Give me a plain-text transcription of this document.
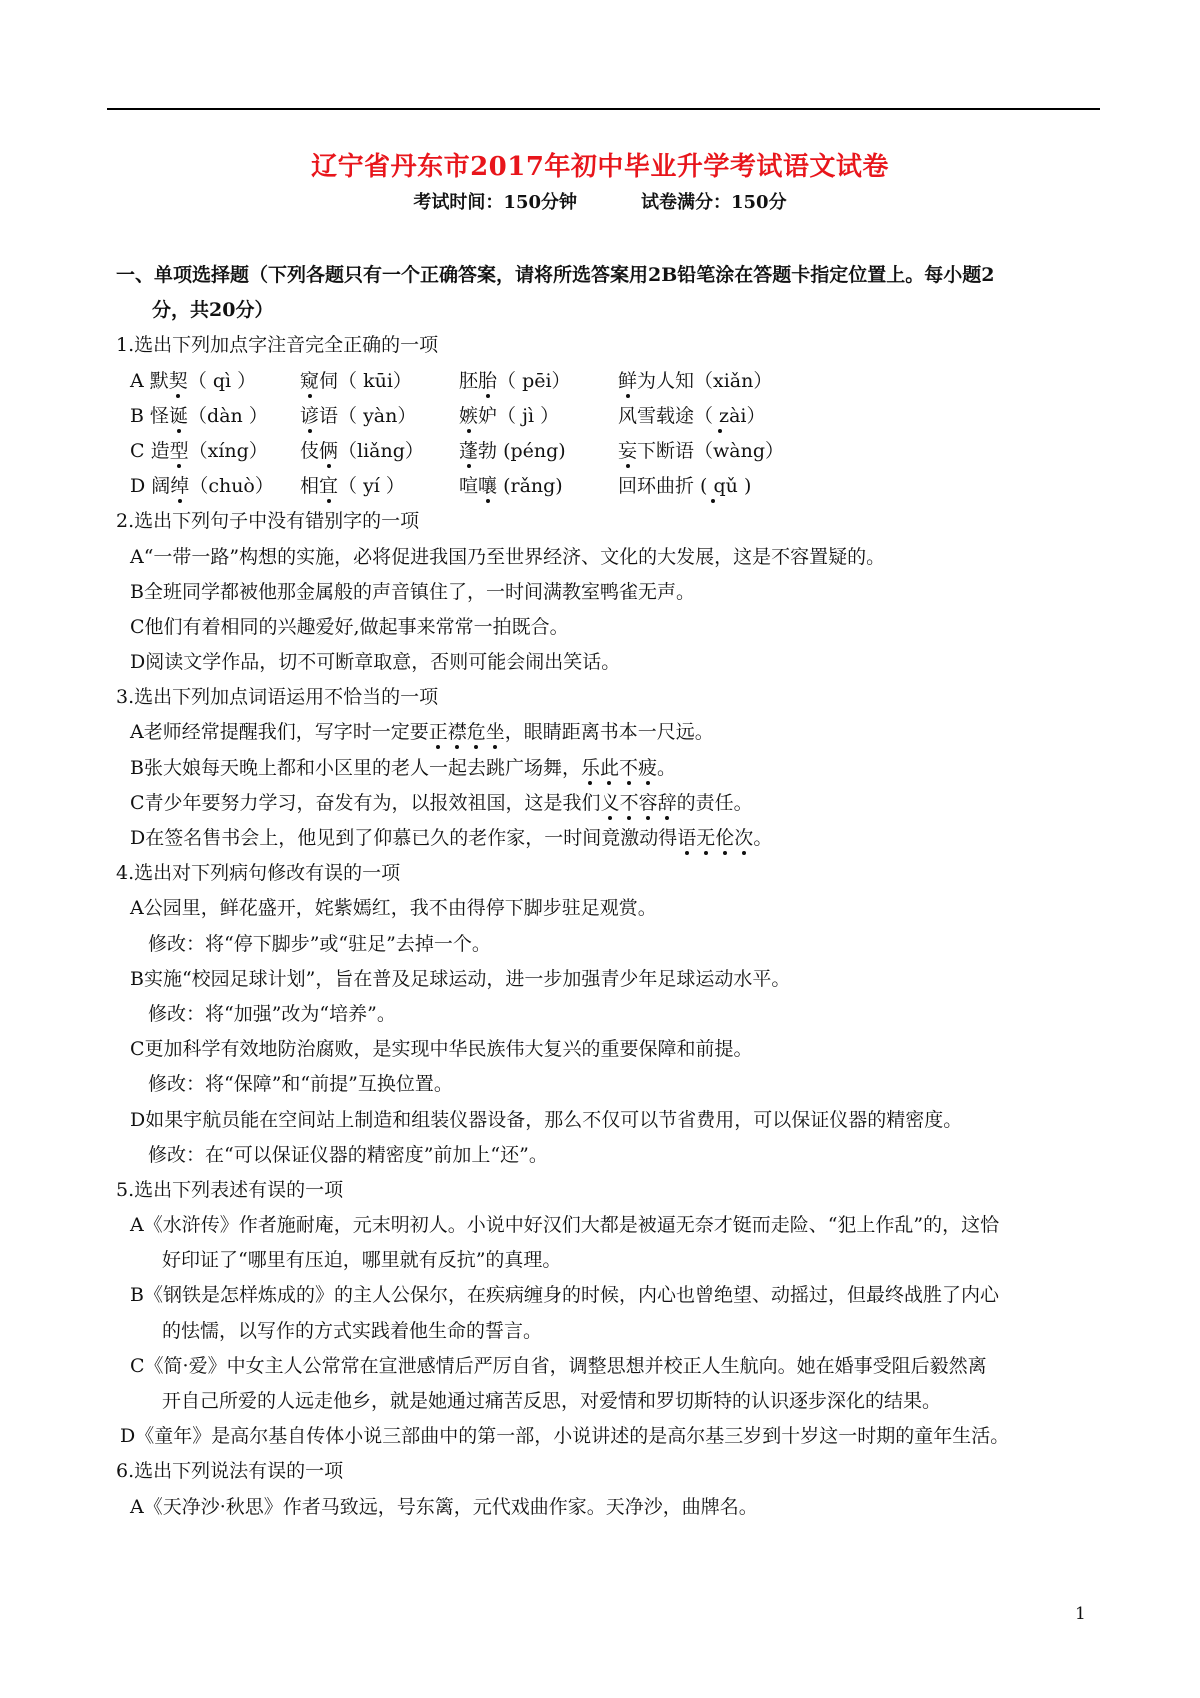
辽宁省丹东市2017年初中毕业升学考试语文试卷
考试时间：150分钟	试卷满分：150分
一、单项选择题（下列各题只有一个正确答案，请将所选答案用2B铅笔涂在答题卡指定位置上。每小题2
分，共20分）
1.选出下列加点字注音完全正确的一项
A 默契（ qì ）	窥伺（ kūi）	胚胎（ pēi）	鲜为人知（xiǎn）
B 怪诞（dàn ）	谚语（ yàn）	嫉妒（ jì ）	风雪载途（ zài）
C 造型（xíng）	伎俩（liǎng）	蓬勃 (péng)	妄下断语（wàng）
D 阔绰（chuò）	相宜（ yí ）	喧嚷 (rǎng)	回环曲折 ( qǔ )
2.选出下列句子中没有错别字的一项
A“一带一路”构想的实施，必将促进我国乃至世界经济、文化的大发展，这是不容置疑的。
B全班同学都被他那金属般的声音镇住了，一时间满教室鸭雀无声。
C他们有着相同的兴趣爱好,做起事来常常一拍既合。
D阅读文学作品，切不可断章取意，否则可能会闹出笑话。
3.选出下列加点词语运用不恰当的一项
A老师经常提醒我们，写字时一定要正襟危坐，眼睛距离书本一尺远。
B张大娘每天晚上都和小区里的老人一起去跳广场舞，乐此不疲。
C青少年要努力学习，奋发有为，以报效祖国，这是我们义不容辞的责任。
D在签名售书会上，他见到了仰慕已久的老作家，一时间竟激动得语无伦次。
4.选出对下列病句修改有误的一项
A公园里，鲜花盛开，姹紫嫣红，我不由得停下脚步驻足观赏。
修改：将“停下脚步”或“驻足”去掉一个。
B实施“校园足球计划”，旨在普及足球运动，进一步加强青少年足球运动水平。
修改：将“加强”改为“培养”。
C更加科学有效地防治腐败，是实现中华民族伟大复兴的重要保障和前提。
修改：将“保障”和“前提”互换位置。
D如果宇航员能在空间站上制造和组装仪器设备，那么不仅可以节省费用，可以保证仪器的精密度。
修改：在“可以保证仪器的精密度”前加上“还”。
5.选出下列表述有误的一项
A《水浒传》作者施耐庵，元末明初人。小说中好汉们大都是被逼无奈才铤而走险、“犯上作乱”的，这恰
好印证了“哪里有压迫，哪里就有反抗”的真理。
B《钢铁是怎样炼成的》的主人公保尔，在疾病缠身的时候，内心也曾绝望、动摇过，但最终战胜了内心
的怯懦，以写作的方式实践着他生命的誓言。
C《简·爱》中女主人公常常在宣泄感情后严厉自省，调整思想并校正人生航向。她在婚事受阻后毅然离
开自己所爱的人远走他乡，就是她通过痛苦反思，对爱情和罗切斯特的认识逐步深化的结果。
D《童年》是高尔基自传体小说三部曲中的第一部，小说讲述的是高尔基三岁到十岁这一时期的童年生活。
6.选出下列说法有误的一项
A《天净沙·秋思》作者马致远，号东篱，元代戏曲作家。天净沙，曲牌名。
1
